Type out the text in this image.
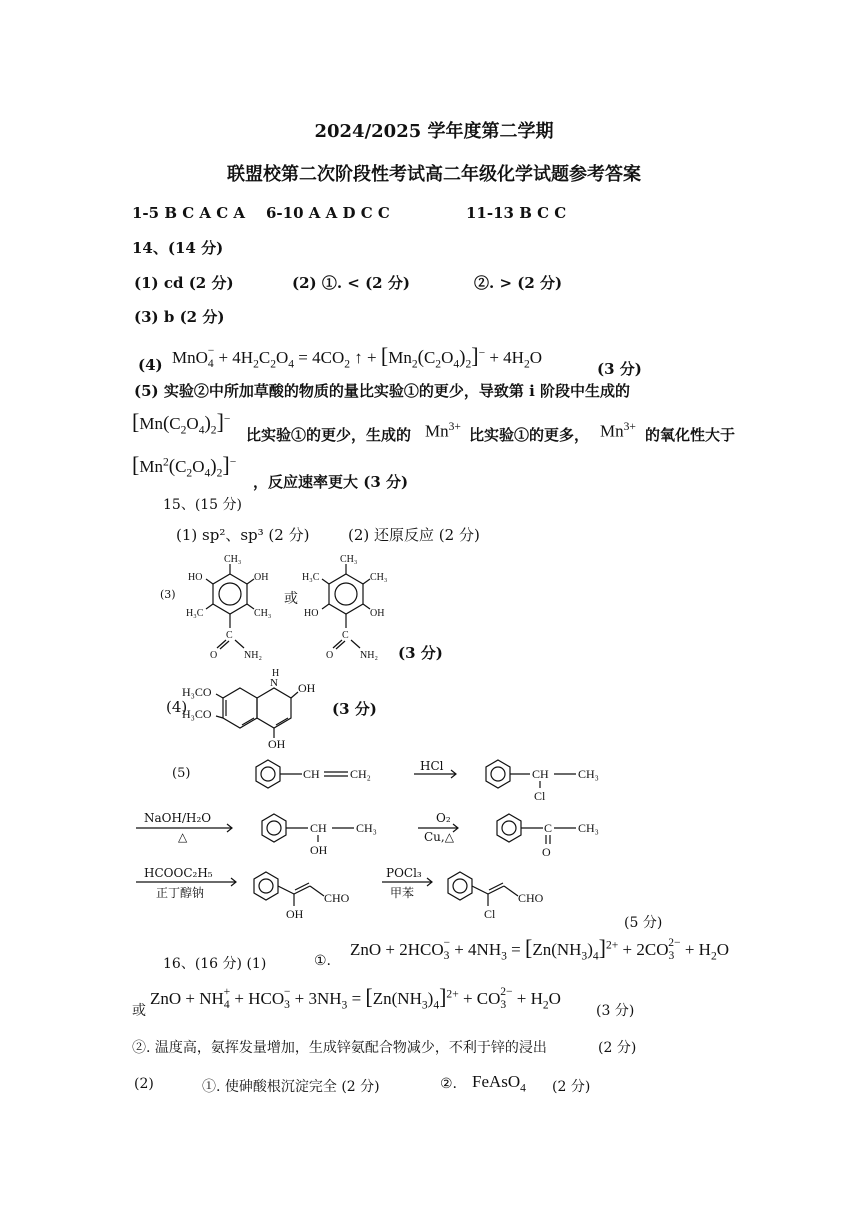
2024/2025 学年度第二学期
联盟校第二次阶段性考试高二年级化学试题参考答案
1-5 B C A C A 6-10 A A D C C	11-13 B C C
14、(14 分)
(1) cd (2 分)	(2) ①. < (2 分)	②. > (2 分)
(3) b (2 分)
(4) $MnO_4^- + 4H_2C_2O_4 = 4CO_2$ ↑ + $[Mn_2(C_2O_4)_2]^- + 4H_2O$
(3 分)
(5) 实验②中所加草酸的物质的量比实验①的更少，导致第 i 阶段中生成的
$[Mn(C_2O_4)_2]^-$
比实验①的更少，生成的 $Mn^{3+}$ 比实验①的更多， $Mn^{3+}$ 的氧化性大于
$[Mn^2(C_2O_4)_2]^-$
，反应速率更大 (3 分)
15、(15 分)
(1) sp²、sp³ (2 分)	(2) 还原反应 (2 分)
(3)	或
(3 分)
CH₃
HO	OH
H₃C	CH₃
C
O	NH₂
CH₃
H₃C	CH₃
HO	OH
C
O	NH₂
(4)
N
H
OH
OH
H₃CO
H₃CO	(3 分)
(5)	CH	CH₂	CH CH₃
Cl
HCl
CH CH₃
OH
C CH₃
O
NaOH/H₂O
△
O₂
Cu,△
OH
CHO
Cl
CHO
HCOOC₂H₅
正丁醇钠
POCl₃
甲苯
(5 分)
16、(16 分) (1)	①.
ZnO + $2HCO_3^- + 4NH_3 = [Zn(NH_3)_4]^{2+} + 2CO_3^{2-} + H_2O$
或
ZnO + $NH_4^+ + HCO_3^- + 3NH_3 = [Zn(NH_3)_4]^{2+} + CO_3^{2-} + H_2O$
(3 分)
②. 温度高，氨挥发量增加，生成锌氨配合物减少，不利于锌的浸出	(2 分)
(2)	①. 使砷酸根沉淀完全 (2 分)	②. FeAsO$_4$ (2 分)
